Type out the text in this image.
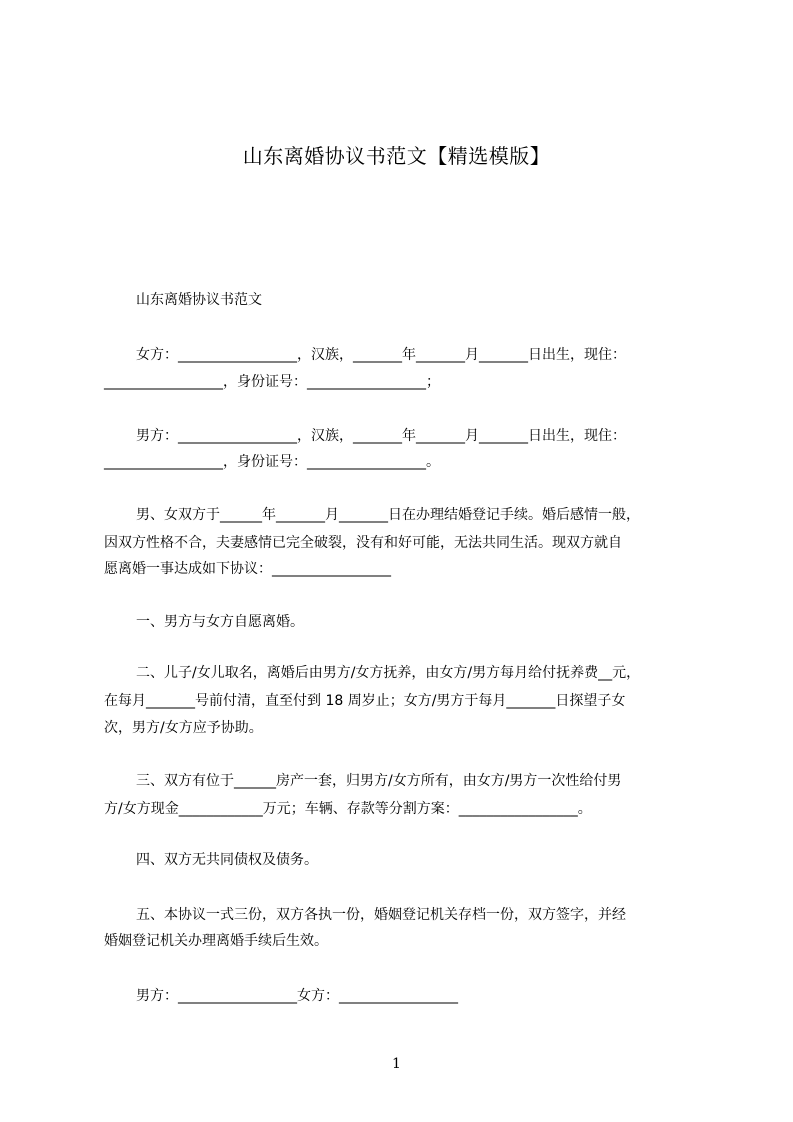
山东离婚协议书范文【精选模版】
山东离婚协议书范文
女方：_________________，汉族，_______年_______月_______日出生，现住：
_________________，身份证号：_________________；
男方：_________________，汉族，_______年_______月_______日出生，现住：
_________________，身份证号：_________________。
男、女双方于______年_______月_______日在办理结婚登记手续。婚后感情一般，
因双方性格不合，夫妻感情已完全破裂，没有和好可能，无法共同生活。现双方就自
愿离婚一事达成如下协议：_________________
一、男方与女方自愿离婚。
二、儿子/女儿取名，离婚后由男方/女方抚养，由女方/男方每月给付抚养费__元，
在每月_______号前付清，直至付到 18 周岁止；女方/男方于每月_______日探望子女
次，男方/女方应予协助。
三、双方有位于______房产一套，归男方/女方所有，由女方/男方一次性给付男
方/女方现金____________万元；车辆、存款等分割方案：_________________。
四、双方无共同债权及债务。
五、本协议一式三份，双方各执一份，婚姻登记机关存档一份，双方签字，并经
婚姻登记机关办理离婚手续后生效。
男方：_________________女方：_________________
1
